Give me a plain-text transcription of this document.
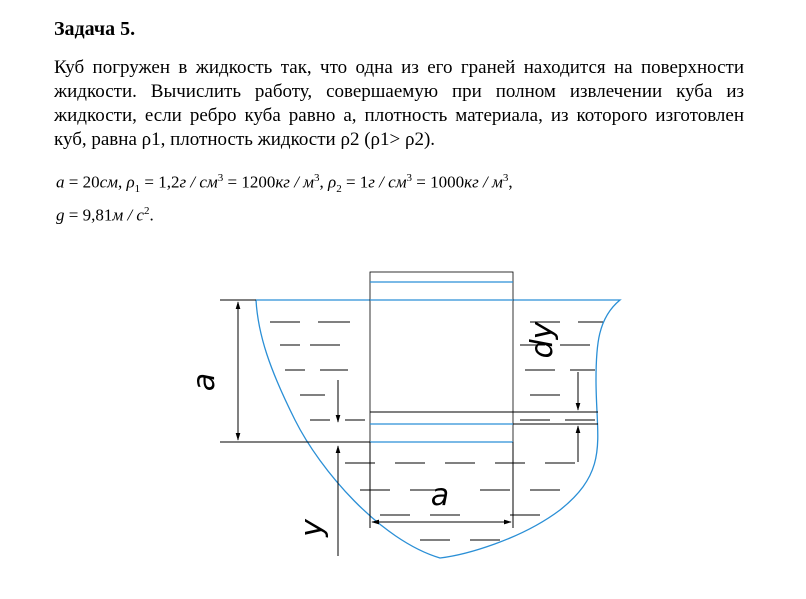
Задача 5.

Куб погружен в жидкость так, что одна из его граней находится на поверхности жидкости. Вычислить работу, совершаемую при полном извлечении куба из жидкости, если ребро куба равно a, плотность материала, из которого изготовлен куб, равна ρ1, плотность жидкости ρ2 (ρ1> ρ2).

a = 20см, $\rho_1 = 1,2г / см^3 = 1200кг / м^3$, $\rho_2 = 1г / см^3 = 1000кг / м^3$,
$g = 9,81м / с^2$.
a
dy
a
y
